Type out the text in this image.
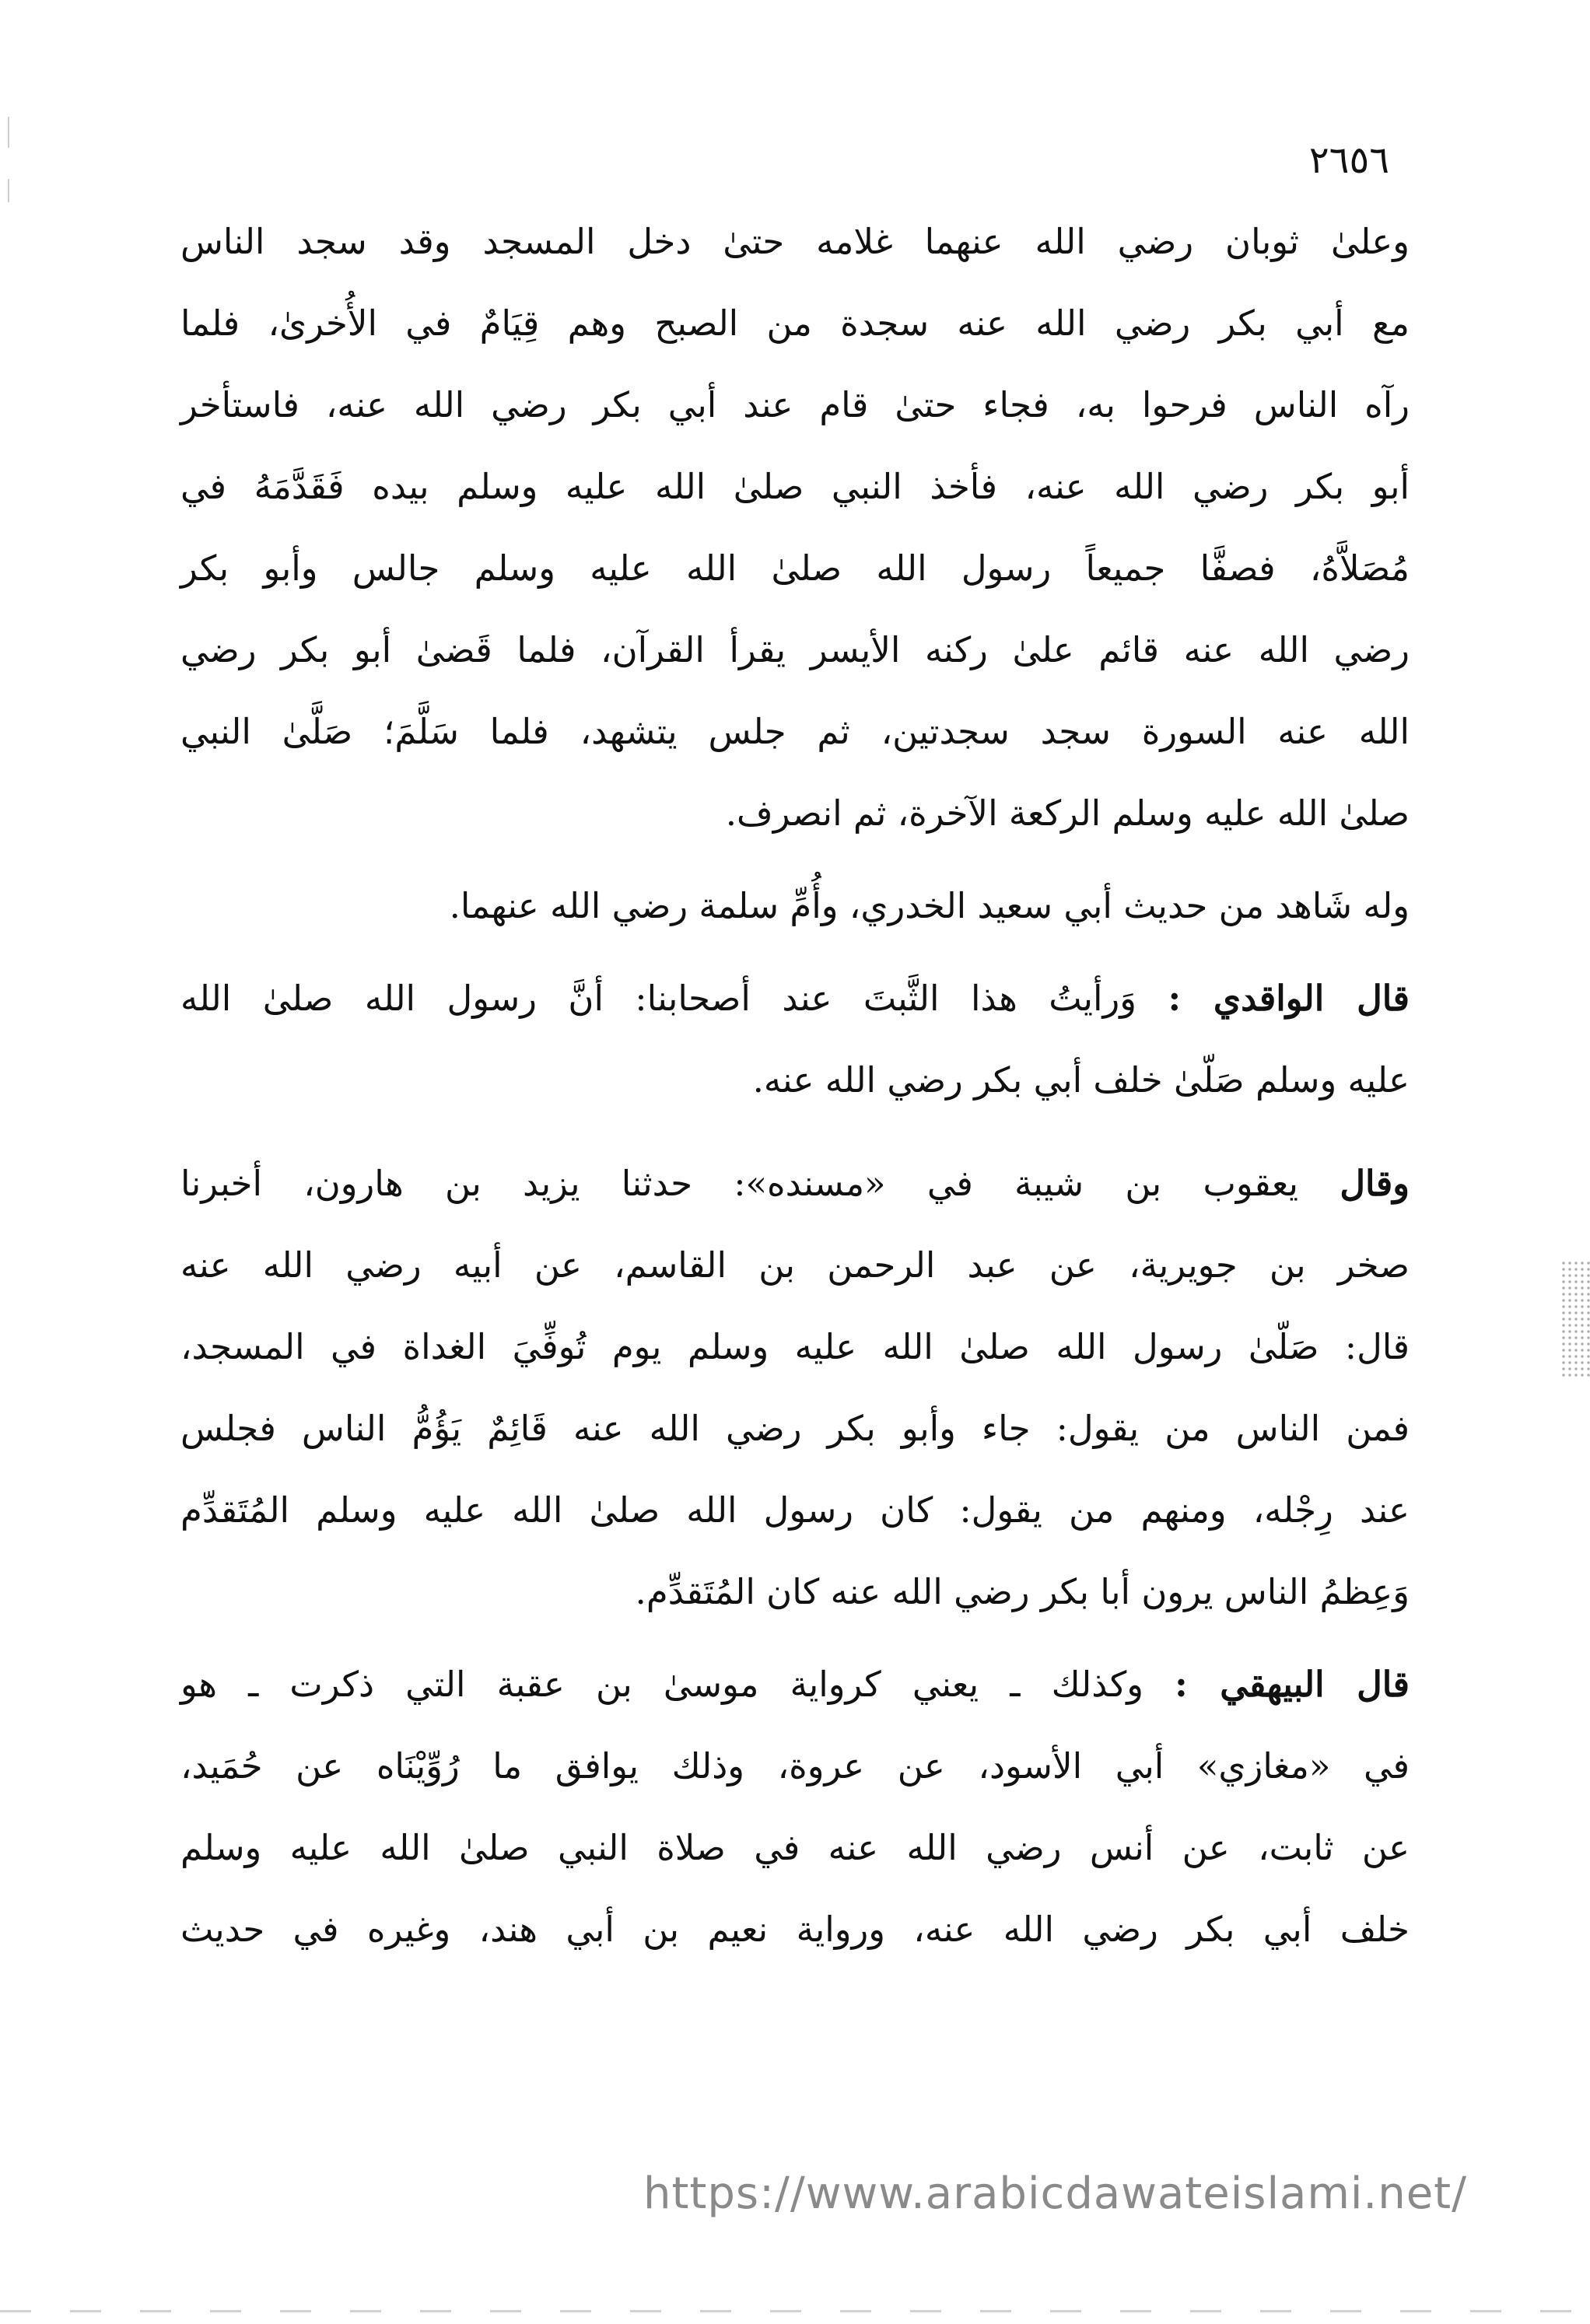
٢٦٥٦
وعلىٰ ثوبان رضي الله عنهما غلامه حتىٰ دخل المسجد وقد سجد الناس
مع أبي بكر رضي الله عنه سجدة من الصبح وهم قِيَامٌ في الأُخرىٰ، فلما
رآه الناس فرحوا به، فجاء حتىٰ قام عند أبي بكر رضي الله عنه، فاستأخر
أبو بكر رضي الله عنه، فأخذ النبي صلىٰ الله عليه وسلم بيده فَقَدَّمَهُ في
مُصَلاَّهُ، فصفَّا جميعاً رسول الله صلىٰ الله عليه وسلم جالس وأبو بكر
رضي الله عنه قائم علىٰ ركنه الأيسر يقرأ القرآن، فلما قَضىٰ أبو بكر رضي
الله عنه السورة سجد سجدتين، ثم جلس يتشهد، فلما سَلَّمَ؛ صَلَّىٰ النبي
صلىٰ الله عليه وسلم الركعة الآخرة، ثم انصرف.
وله شَاهد من حديث أبي سعيد الخدري، وأُمِّ سلمة رضي الله عنهما.
قال الواقدي : وَرأيتُ هذا الثَّبتَ عند أصحابنا: أنَّ رسول الله صلىٰ الله
عليه وسلم صَلّىٰ خلف أبي بكر رضي الله عنه.
وقال يعقوب بن شيبة في «مسنده»: حدثنا يزيد بن هارون، أخبرنا
صخر بن جويرية، عن عبد الرحمن بن القاسم، عن أبيه رضي الله عنه
قال: صَلّىٰ رسول الله صلىٰ الله عليه وسلم يوم تُوفِّيَ الغداة في المسجد،
فمن الناس من يقول: جاء وأبو بكر رضي الله عنه قَائِمٌ يَؤُمُّ الناس فجلس
عند رِجْله، ومنهم من يقول: كان رسول الله صلىٰ الله عليه وسلم المُتَقدِّم
وَعِظمُ الناس يرون أبا بكر رضي الله عنه كان المُتَقدِّم.
قال البيهقي : وكذلك ـ يعني كرواية موسىٰ بن عقبة التي ذكرت ـ هو
في «مغازي» أبي الأسود، عن عروة، وذلك يوافق ما رُوِّيْنَاه عن حُمَيد،
عن ثابت، عن أنس رضي الله عنه في صلاة النبي صلىٰ الله عليه وسلم
خلف أبي بكر رضي الله عنه، ورواية نعيم بن أبي هند، وغيره في حديث
https://www.arabicdawateislami.net/
